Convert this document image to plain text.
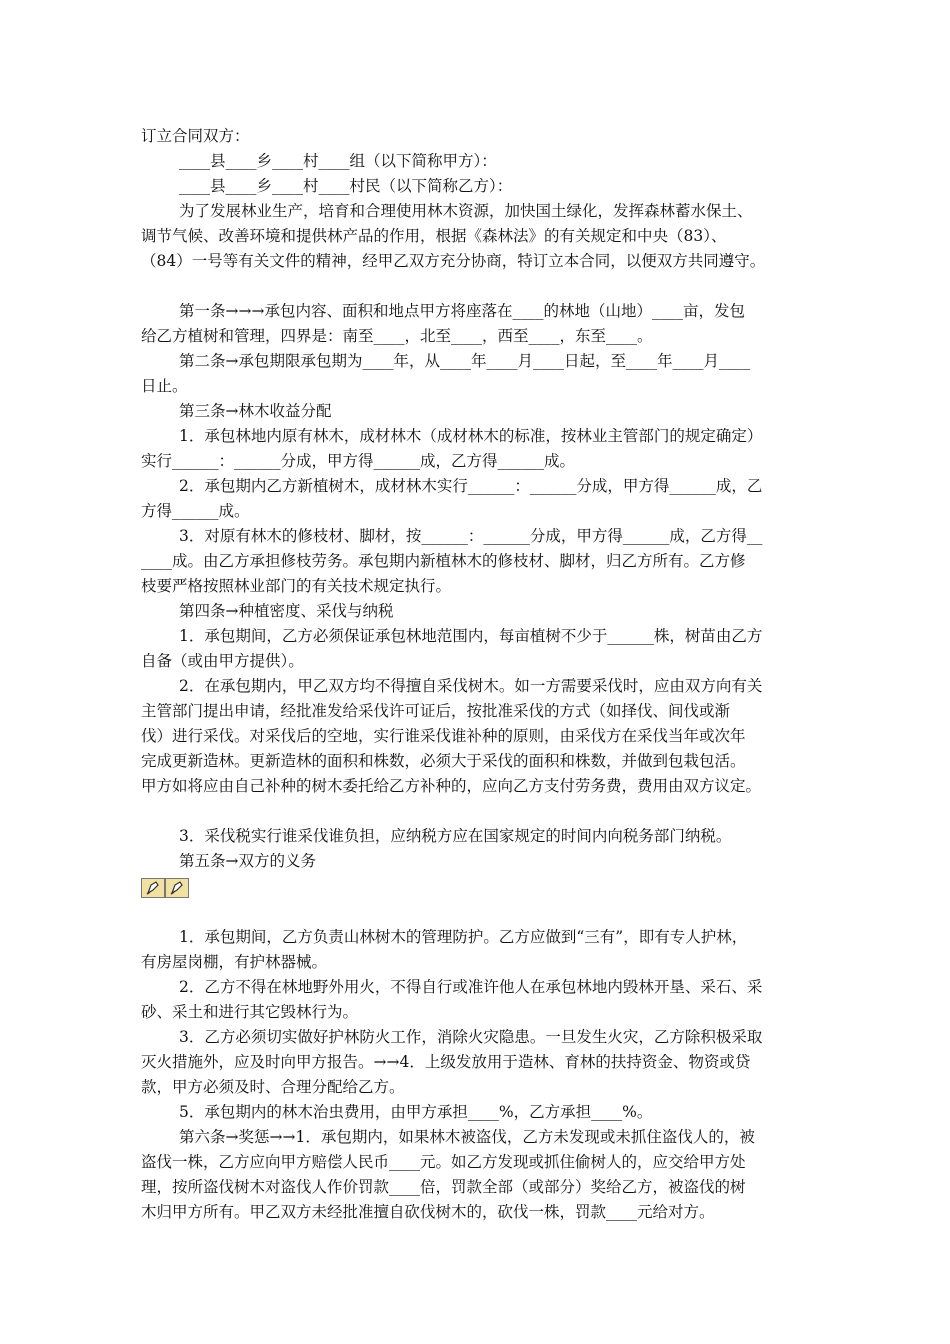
订立合同双方：

____县____乡____村____组（以下简称甲方）：

____县____乡____村____村民（以下简称乙方）：

为了发展林业生产，培育和合理使用林木资源，加快国土绿化，发挥森林蓄水保土、

调节气候、改善环境和提供林产品的作用，根据《森林法》的有关规定和中央（83）、

（84）一号等有关文件的精神，经甲乙双方充分协商，特订立本合同，以便双方共同遵守。

第一条→→→承包内容、面积和地点甲方将座落在____的林地（山地）____亩，发包

给乙方植树和管理，四界是：南至____，北至____，西至____，东至____。

第二条→承包期限承包期为____年，从____年____月____日起，至____年____月____

日止。

第三条→林木收益分配

1．承包林地内原有林木，成材林木（成材林木的标准，按林业主管部门的规定确定）

实行______：______分成，甲方得______成，乙方得______成。

2．承包期内乙方新植树木，成材林木实行______：______分成，甲方得______成，乙

方得______成。

3．对原有林木的修枝材、脚材，按______：______分成，甲方得______成，乙方得__

____成。由乙方承担修枝劳务。承包期内新植林木的修枝材、脚材，归乙方所有。乙方修

枝要严格按照林业部门的有关技术规定执行。

第四条→种植密度、采伐与纳税

1．承包期间，乙方必须保证承包林地范围内，每亩植树不少于______株，树苗由乙方

自备（或由甲方提供）。

2．在承包期内，甲乙双方均不得擅自采伐树木。如一方需要采伐时，应由双方向有关

主管部门提出申请，经批准发给采伐许可证后，按批准采伐的方式（如择伐、间伐或渐

伐）进行采伐。对采伐后的空地，实行谁采伐谁补种的原则，由采伐方在采伐当年或次年

完成更新造林。更新造林的面积和株数，必须大于采伐的面积和株数，并做到包栽包活。

甲方如将应由自己补种的树木委托给乙方补种的，应向乙方支付劳务费，费用由双方议定。

3．采伐税实行谁采伐谁负担，应纳税方应在国家规定的时间内向税务部门纳税。

第五条→双方的义务

1．承包期间，乙方负责山林树木的管理防护。乙方应做到“三有”，即有专人护林，

有房屋岗棚，有护林器械。

2．乙方不得在林地野外用火，不得自行或准许他人在承包林地内毁林开垦、采石、采

砂、采土和进行其它毁林行为。

3．乙方必须切实做好护林防火工作，消除火灾隐患。一旦发生火灾，乙方除积极采取

灭火措施外，应及时向甲方报告。→→4．上级发放用于造林、育林的扶持资金、物资或贷

款，甲方必须及时、合理分配给乙方。

5．承包期内的林木治虫费用，由甲方承担____%，乙方承担____%。

第六条→奖惩→→1．承包期内，如果林木被盗伐，乙方未发现或未抓住盗伐人的，被

盗伐一株，乙方应向甲方赔偿人民币____元。如乙方发现或抓住偷树人的，应交给甲方处

理，按所盗伐树木对盗伐人作价罚款____倍，罚款全部（或部分）奖给乙方，被盗伐的树

木归甲方所有。甲乙双方未经批准擅自砍伐树木的，砍伐一株，罚款____元给对方。
